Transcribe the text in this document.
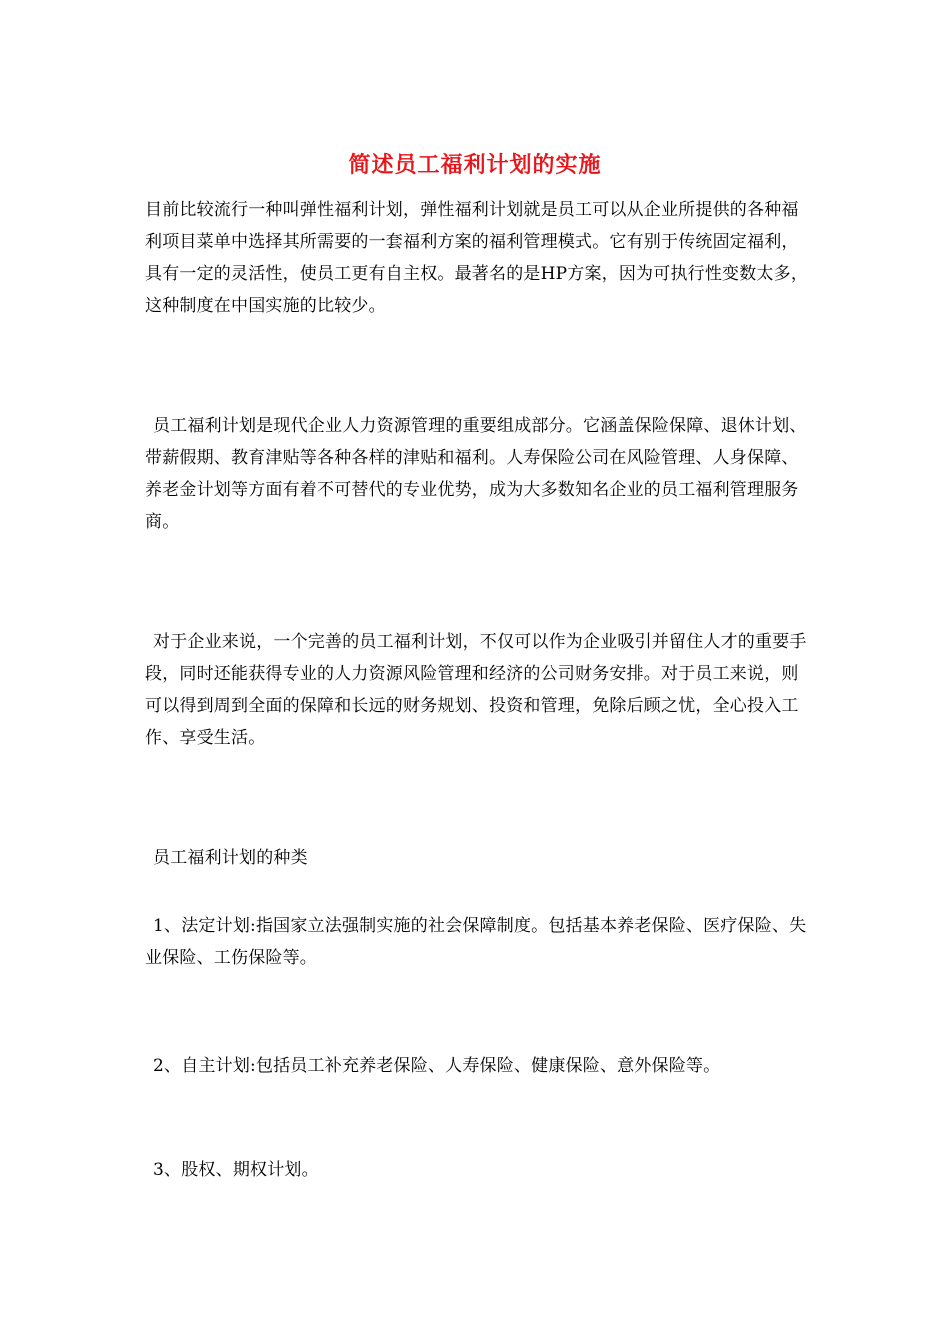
简述员工福利计划的实施

目前比较流行一种叫弹性福利计划，弹性福利计划就是员工可以从企业所提供的各种福利项目菜单中选择其所需要的一套福利方案的福利管理模式。它有别于传统固定福利，具有一定的灵活性，使员工更有自主权。最著名的是HP方案，因为可执行性变数太多，这种制度在中国实施的比较少。

员工福利计划是现代企业人力资源管理的重要组成部分。它涵盖保险保障、退休计划、带薪假期、教育津贴等各种各样的津贴和福利。人寿保险公司在风险管理、人身保障、养老金计划等方面有着不可替代的专业优势，成为大多数知名企业的员工福利管理服务商。

对于企业来说，一个完善的员工福利计划，不仅可以作为企业吸引并留住人才的重要手段，同时还能获得专业的人力资源风险管理和经济的公司财务安排。对于员工来说，则可以得到周到全面的保障和长远的财务规划、投资和管理，免除后顾之忧，全心投入工作、享受生活。

员工福利计划的种类

1、法定计划:指国家立法强制实施的社会保障制度。包括基本养老保险、医疗保险、失业保险、工伤保险等。

2、自主计划:包括员工补充养老保险、人寿保险、健康保险、意外保险等。

3、股权、期权计划。
